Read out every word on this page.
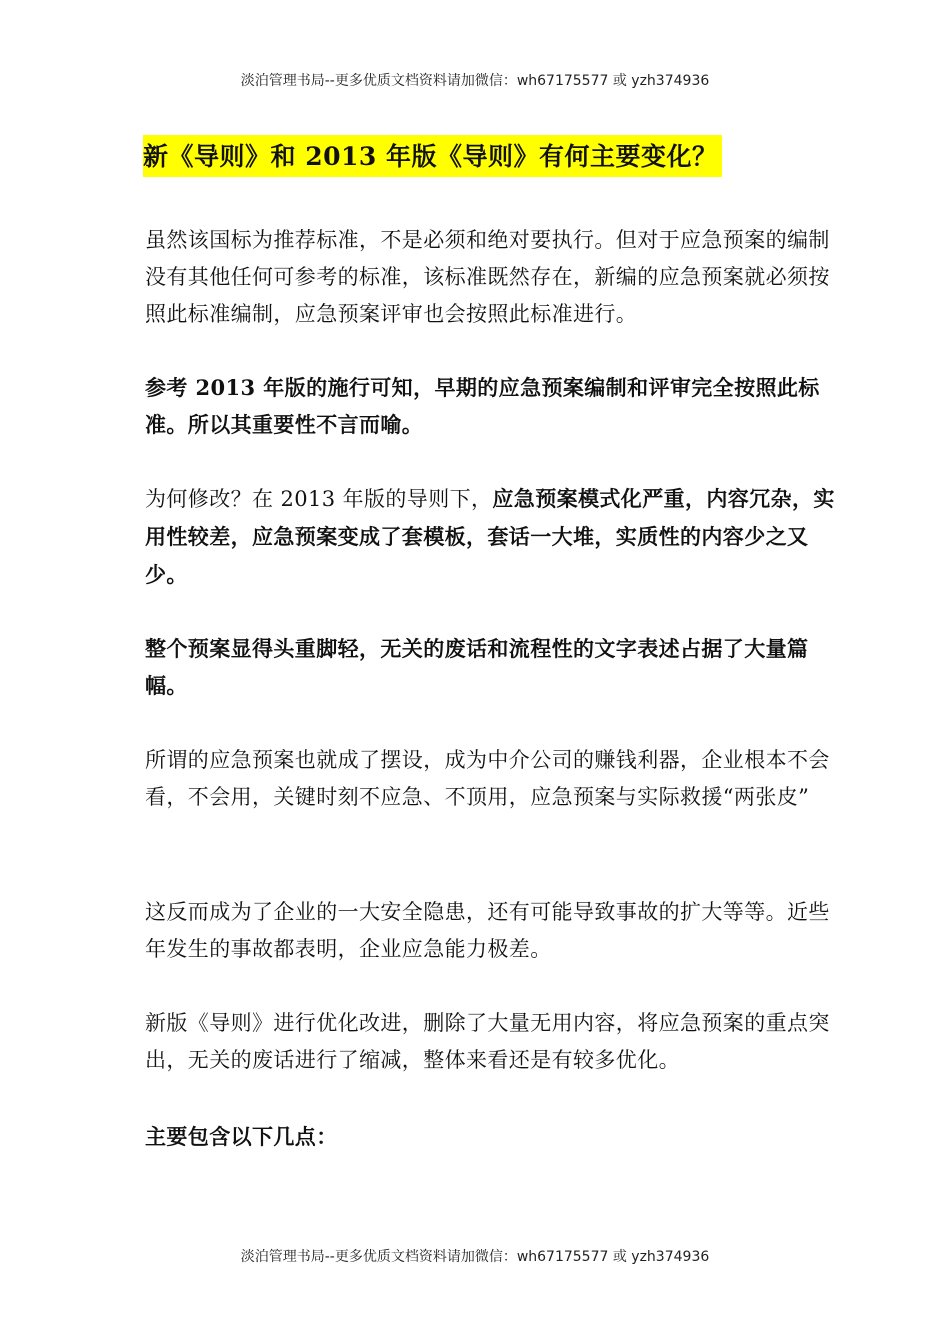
淡泊管理书局--更多优质文档资料请加微信：wh67175577 或 yzh374936
新《导则》和 2013 年版《导则》有何主要变化？
虽然该国标为推荐标准，不是必须和绝对要执行。但对于应急预案的编制没有其他任何可参考的标准，该标准既然存在，新编的应急预案就必须按照此标准编制，应急预案评审也会按照此标准进行。
参考 2013 年版的施行可知，早期的应急预案编制和评审完全按照此标准。所以其重要性不言而喻。
为何修改？在 2013 年版的导则下，应急预案模式化严重，内容冗杂，实用性较差，应急预案变成了套模板，套话一大堆，实质性的内容少之又少。
整个预案显得头重脚轻，无关的废话和流程性的文字表述占据了大量篇幅。
所谓的应急预案也就成了摆设，成为中介公司的赚钱利器，企业根本不会看，不会用，关键时刻不应急、不顶用，应急预案与实际救援“两张皮”
这反而成为了企业的一大安全隐患，还有可能导致事故的扩大等等。近些年发生的事故都表明，企业应急能力极差。
新版《导则》进行优化改进，删除了大量无用内容，将应急预案的重点突出，无关的废话进行了缩减，整体来看还是有较多优化。
主要包含以下几点：
淡泊管理书局--更多优质文档资料请加微信：wh67175577 或 yzh374936
